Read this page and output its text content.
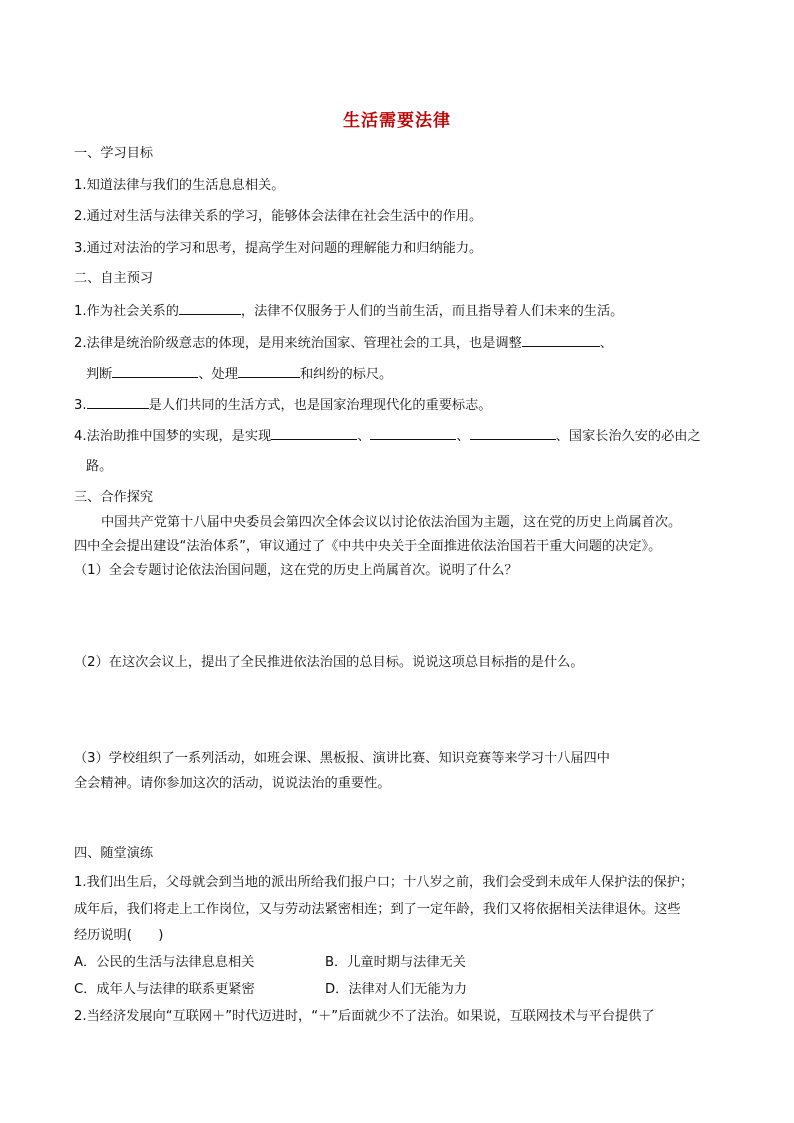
生活需要法律
一、学习目标
1.知道法律与我们的生活息息相关。
2.通过对生活与法律关系的学习，能够体会法律在社会生活中的作用。
3.通过对法治的学习和思考，提高学生对问题的理解能力和归纳能力。
二、自主预习
1.作为社会关系的	，法律不仅服务于人们的当前生活，而且指导着人们未来的生活。
2.法律是统治阶级意志的体现，是用来统治国家、管理社会的工具，也是调整	、
判断	、处理	和纠纷的标尺。
3.	是人们共同的生活方式，也是国家治理现代化的重要标志。
4.法治助推中国梦的实现，是实现	、	、	、国家长治久安的必由之
路。
三、合作探究
中国共产党第十八届中央委员会第四次全体会议以讨论依法治国为主题，这在党的历史上尚属首次。
四中全会提出建设“法治体系”，审议通过了《中共中央关于全面推进依法治国若干重大问题的决定》。
（1）全会专题讨论依法治国问题，这在党的历史上尚属首次。说明了什么？
（2）在这次会议上，提出了全民推进依法治国的总目标。说说这项总目标指的是什么。
（3）学校组织了一系列活动，如班会课、黑板报、演讲比赛、知识竞赛等来学习十八届四中
全会精神。请你参加这次的活动，说说法治的重要性。
四、随堂演练
1.我们出生后，父母就会到当地的派出所给我们报户口；十八岁之前，我们会受到未成年人保护法的保护；
成年后，我们将走上工作岗位，又与劳动法紧密相连；到了一定年龄，我们又将依据相关法律退休。这些
经历说明(　　)
A．公民的生活与法律息息相关	B．儿童时期与法律无关
C．成年人与法律的联系更紧密	D．法律对人们无能为力
2.当经济发展向“互联网＋”时代迈进时，“＋”后面就少不了法治。如果说，互联网技术与平台提供了
